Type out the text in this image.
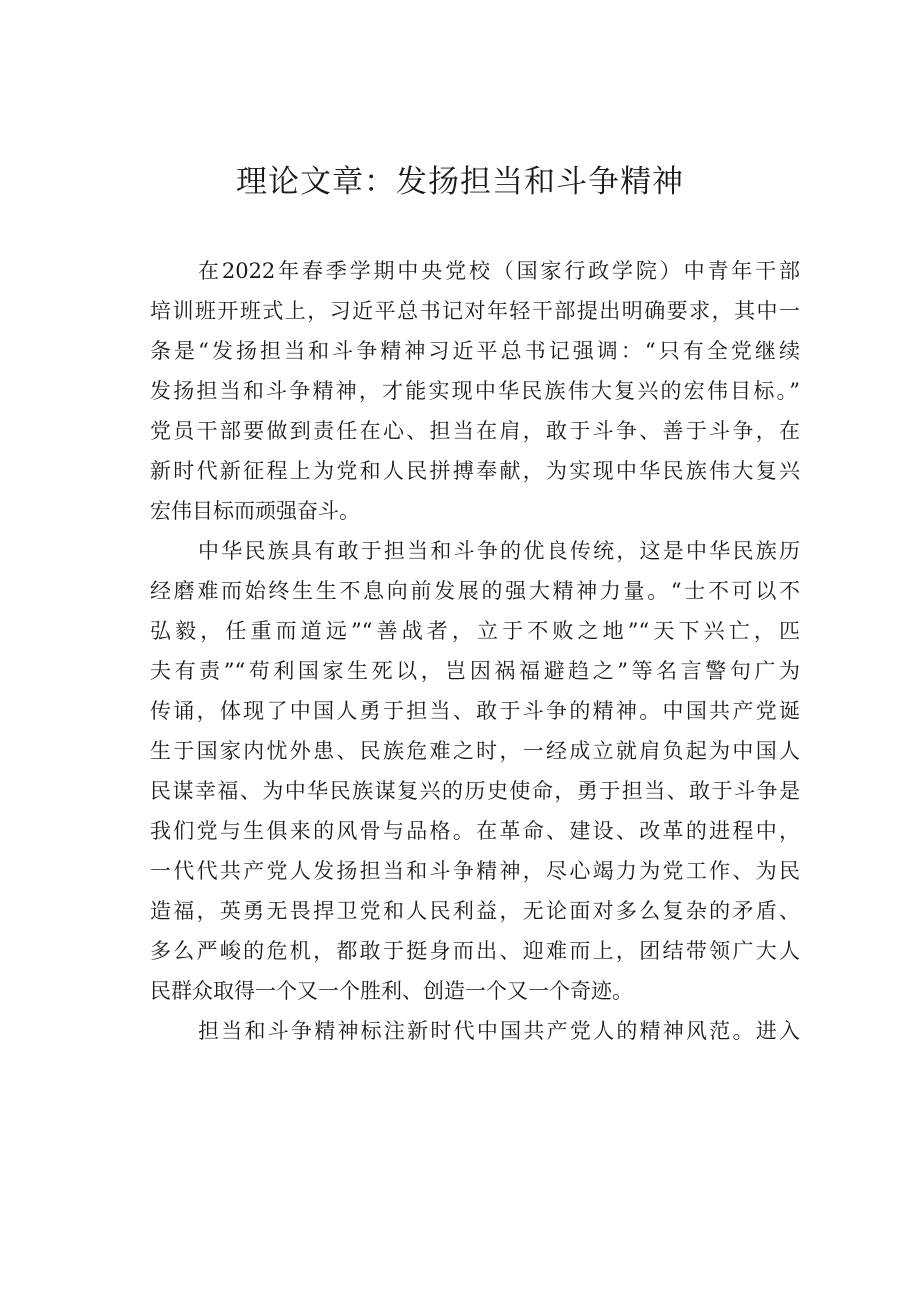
理论文章：发扬担当和斗争精神
在2022年春季学期中央党校（国家行政学院）中青年干部
培训班开班式上，习近平总书记对年轻干部提出明确要求，其中一
条是“发扬担当和斗争精神习近平总书记强调：“只有全党继续
发扬担当和斗争精神，才能实现中华民族伟大复兴的宏伟目标。”
党员干部要做到责任在心、担当在肩，敢于斗争、善于斗争，在
新时代新征程上为党和人民拼搏奉献，为实现中华民族伟大复兴
宏伟目标而顽强奋斗。
中华民族具有敢于担当和斗争的优良传统，这是中华民族历
经磨难而始终生生不息向前发展的强大精神力量。“士不可以不
弘毅，任重而道远”“善战者，立于不败之地”“天下兴亡，匹
夫有责”“苟利国家生死以，岂因祸福避趋之”等名言警句广为
传诵，体现了中国人勇于担当、敢于斗争的精神。中国共产党诞
生于国家内忧外患、民族危难之时，一经成立就肩负起为中国人
民谋幸福、为中华民族谋复兴的历史使命，勇于担当、敢于斗争是
我们党与生俱来的风骨与品格。在革命、建设、改革的进程中，
一代代共产党人发扬担当和斗争精神，尽心竭力为党工作、为民
造福，英勇无畏捍卫党和人民利益，无论面对多么复杂的矛盾、
多么严峻的危机，都敢于挺身而出、迎难而上，团结带领广大人
民群众取得一个又一个胜利、创造一个又一个奇迹。
担当和斗争精神标注新时代中国共产党人的精神风范。进入
